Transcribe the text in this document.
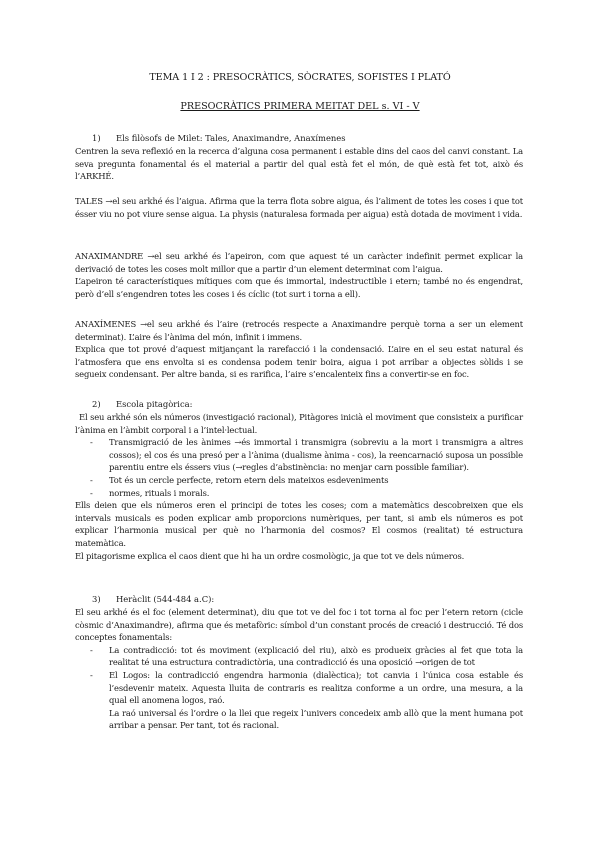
TEMA 1 I 2 : PRESOCRÀTICS, SÒCRATES, SOFISTES I PLATÓ
PRESOCRÀTICS PRIMERA MEITAT DEL s. VI - V
1) Els filòsofs de Milet: Tales, Anaximandre, Anaxímenes

Centren la seva reflexió en la recerca d’alguna cosa permanent i estable dins del caos del canvi constant. La seva pregunta fonamental és el material a partir del qual està fet el món, de què està fet tot, això és l’ARKHÉ.

TALES →el seu arkhé és l’aigua. Afirma que la terra flota sobre aigua, és l’aliment de totes les coses i que tot ésser viu no pot viure sense aigua. La physis (naturalesa formada per aigua) està dotada de moviment i vida.

ANAXIMANDRE →el seu arkhé és l’apeiron, com que aquest té un caràcter indefinit permet explicar la derivació de totes les coses molt millor que a partir d’un element determinat com l’aigua.

L’apeiron té característiques mítiques com que és immortal, indestructible i etern; també no és engendrat, però d’ell s’engendren totes les coses i és cíclic (tot surt i torna a ell).

ANAXÍMENES →el seu arkhé és l’aire (retrocés respecte a Anaximandre perquè torna a ser un element determinat). L’aire és l’ànima del món, infinit i immens.

Explica que tot prové d’aquest mitjançant la rarefacció i la condensació. L’aire en el seu estat natural és l’atmosfera que ens envolta si es condensa podem tenir boira, aigua i pot arribar a objectes sòlids i se segueix condensant. Per altre banda, si es rarifica, l’aire s’encalenteix fins a convertir-se en foc.

2) Escola pitagòrica:

El seu arkhé són els números (investigació racional), Pitàgores inicià el moviment que consisteix a purificar l’ànima en l’àmbit corporal i a l’intel·lectual.

- Transmigració de les ànimes →és immortal i transmigra (sobreviu a la mort i transmigra a altres cossos); el cos és una presó per a l’ànima (dualisme ànima - cos), la reencarnació suposa un possible parentiu entre els éssers vius (→regles d’abstinència: no menjar carn possible familiar).
- Tot és un cercle perfecte, retorn etern dels mateixos esdeveniments
- normes, rituals i morals.

Ells deien que els números eren el principi de totes les coses; com a matemàtics descobreixen que els intervals musicals es poden explicar amb proporcions numèriques, per tant, si amb els números es pot explicar l’harmonia musical per què no l’harmonia del cosmos? El cosmos (realitat) té estructura matemàtica.

El pitagorisme explica el caos dient que hi ha un ordre cosmològic, ja que tot ve dels números.

3) Heràclit (544-484 a.C):

El seu arkhé és el foc (element determinat), diu que tot ve del foc i tot torna al foc per l’etern retorn (cicle còsmic d’Anaximandre), afirma que és metafòric: símbol d’un constant procés de creació i destrucció. Té dos conceptes fonamentals:

- La contradicció: tot és moviment (explicació del riu), això es produeix gràcies al fet que tota la realitat té una estructura contradictòria, una contradicció és una oposició →origen de tot
- El Logos: la contradicció engendra harmonia (dialèctica); tot canvia i l’única cosa estable és l’esdevenir mateix. Aquesta lluita de contraris es realitza conforme a un ordre, una mesura, a la qual ell anomena logos, raó.

La raó universal és l’ordre o la llei que regeix l’univers concedeix amb allò que la ment humana pot arribar a pensar. Per tant, tot és racional.
